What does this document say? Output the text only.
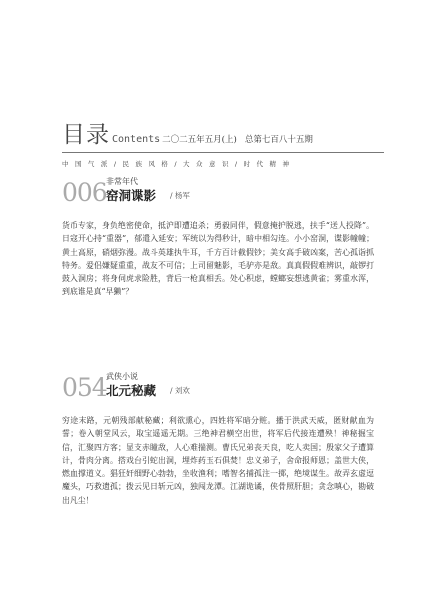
目录 Contents 二〇二五年五月(上) 总第七百八十五期
中 国 气 派 / 民 族 风 格 / 大 众 意 识 / 时 代 精 神
006 非常年代
窑洞谍影 / 杨军
货币专家，身负绝密使命，抵沪即遭追杀；勇毅同伴，假意掩护脱逃，扶手“送人投降”。日寇开心持“重器”，郁遣入延安；军统以为得秒计，暗中相勾连。小小窑洞，谍影幢幢；黄土高原，硝烟弥漫。战斗英雄执牛耳，千方百计截假钞；美女高手破凶案，苦心孤诣抓特务。爱侣嫌疑重重，战友不可信；上司留魅影，毛驴亦是敌。真真假假难辨识，敲锣打鼓入洞房；将身伺虎求险胜，背后一枪真相丢。处心积虑，螳螂妄想逃黄雀；雾重水浑，到底谁是真“早獭”？
054 武侠小说
北元秘藏 / 刘欢
穷途末路，元朝残部献秘藏；利欲熏心，四姓将军暗分赃。播于洪武天威，匿财献血为誓；卷入朝堂风云，取宝遥遥无期。三绝神君横空出世，将军后代接连遭殃！神秘掘宝信，汇聚四方客；显支赤瞳敌，人心难揣测。曹氏兄弟丧天良，吃人卖国；殷家父子遭算计，骨肉分离。搭戏台引蛇出洞，埋炸药玉石俱焚！忠义弟子，舍命报师恩；盖世大侠，燃血撑道义。猖狂奸细野心勃勃，坐收渔利；嗜智名捕孤注一掷，绝境谋生。故弄玄虚逗魔头，巧救遗孤；拨云见日斩元凶，独闯龙潭。江湖诡谲，侠骨照肝胆；贪念嗔心，勘破出凡尘！
